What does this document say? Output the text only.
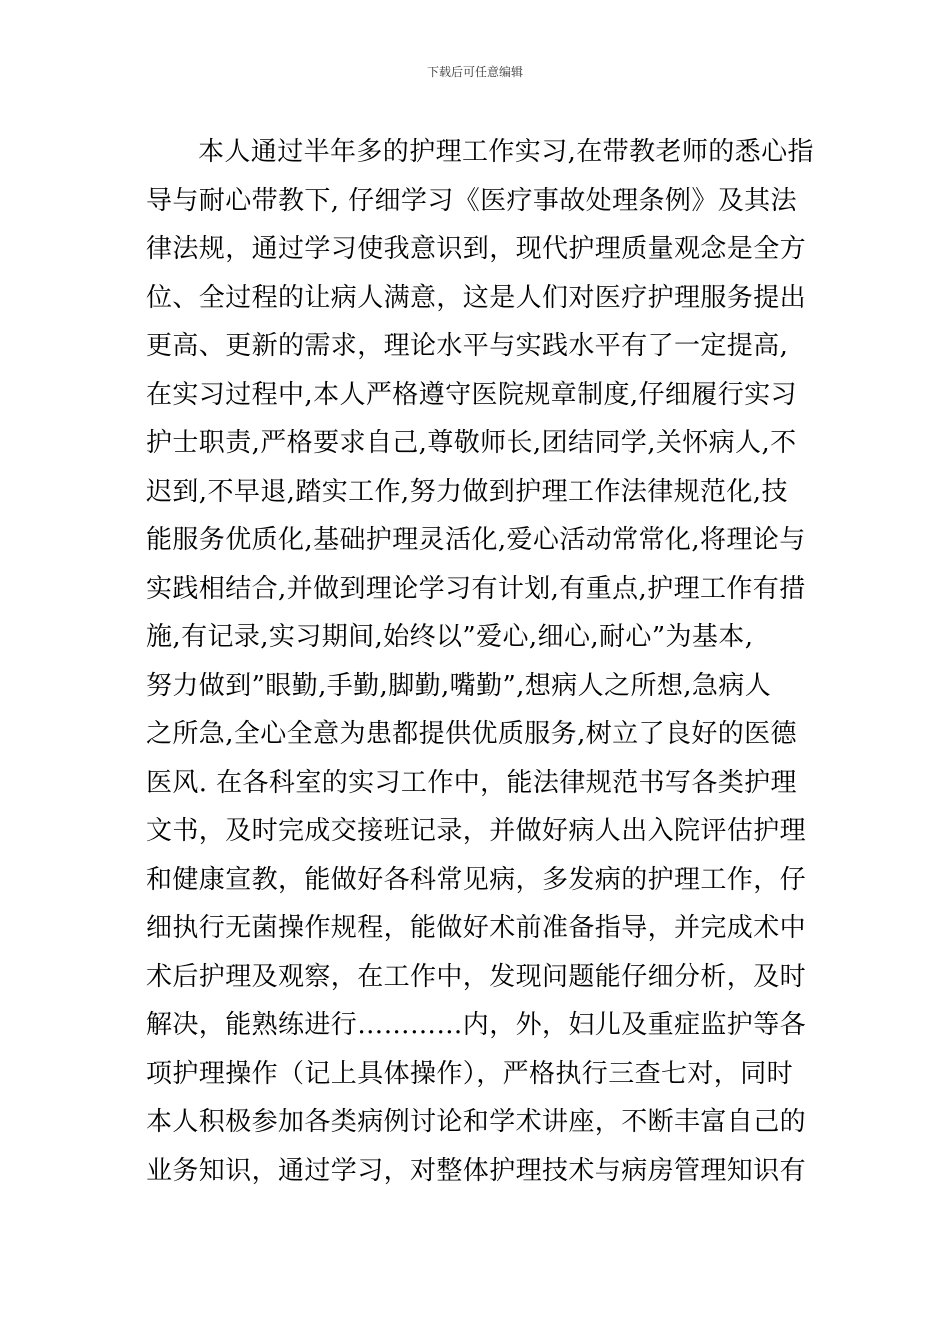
下载后可任意编辑
本人通过半年多的护理工作实习,在带教老师的悉心指
导与耐心带教下, 仔细学习《医疗事故处理条例》及其法
律法规，通过学习使我意识到，现代护理质量观念是全方
位、全过程的让病人满意，这是人们对医疗护理服务提出
更高、更新的需求，理论水平与实践水平有了一定提高,
在实习过程中,本人严格遵守医院规章制度,仔细履行实习
护士职责,严格要求自己,尊敬师长,团结同学,关怀病人,不
迟到,不早退,踏实工作,努力做到护理工作法律规范化,技
能服务优质化,基础护理灵活化,爱心活动常常化,将理论与
实践相结合,并做到理论学习有计划,有重点,护理工作有措
施,有记录,实习期间,始终以”爱心,细心,耐心”为基本,
努力做到”眼勤,手勤,脚勤,嘴勤”,想病人之所想,急病人
之所急,全心全意为患都提供优质服务,树立了良好的医德
医风. 在各科室的实习工作中，能法律规范书写各类护理
文书，及时完成交接班记录，并做好病人出入院评估护理
和健康宣教，能做好各科常见病，多发病的护理工作，仔
细执行无菌操作规程，能做好术前准备指导，并完成术中
术后护理及观察，在工作中，发现问题能仔细分析，及时
解决，能熟练进行…………内，外，妇儿及重症监护等各
项护理操作（记上具体操作），严格执行三查七对，同时
本人积极参加各类病例讨论和学术讲座，不断丰富自己的
业务知识，通过学习，对整体护理技术与病房管理知识有
